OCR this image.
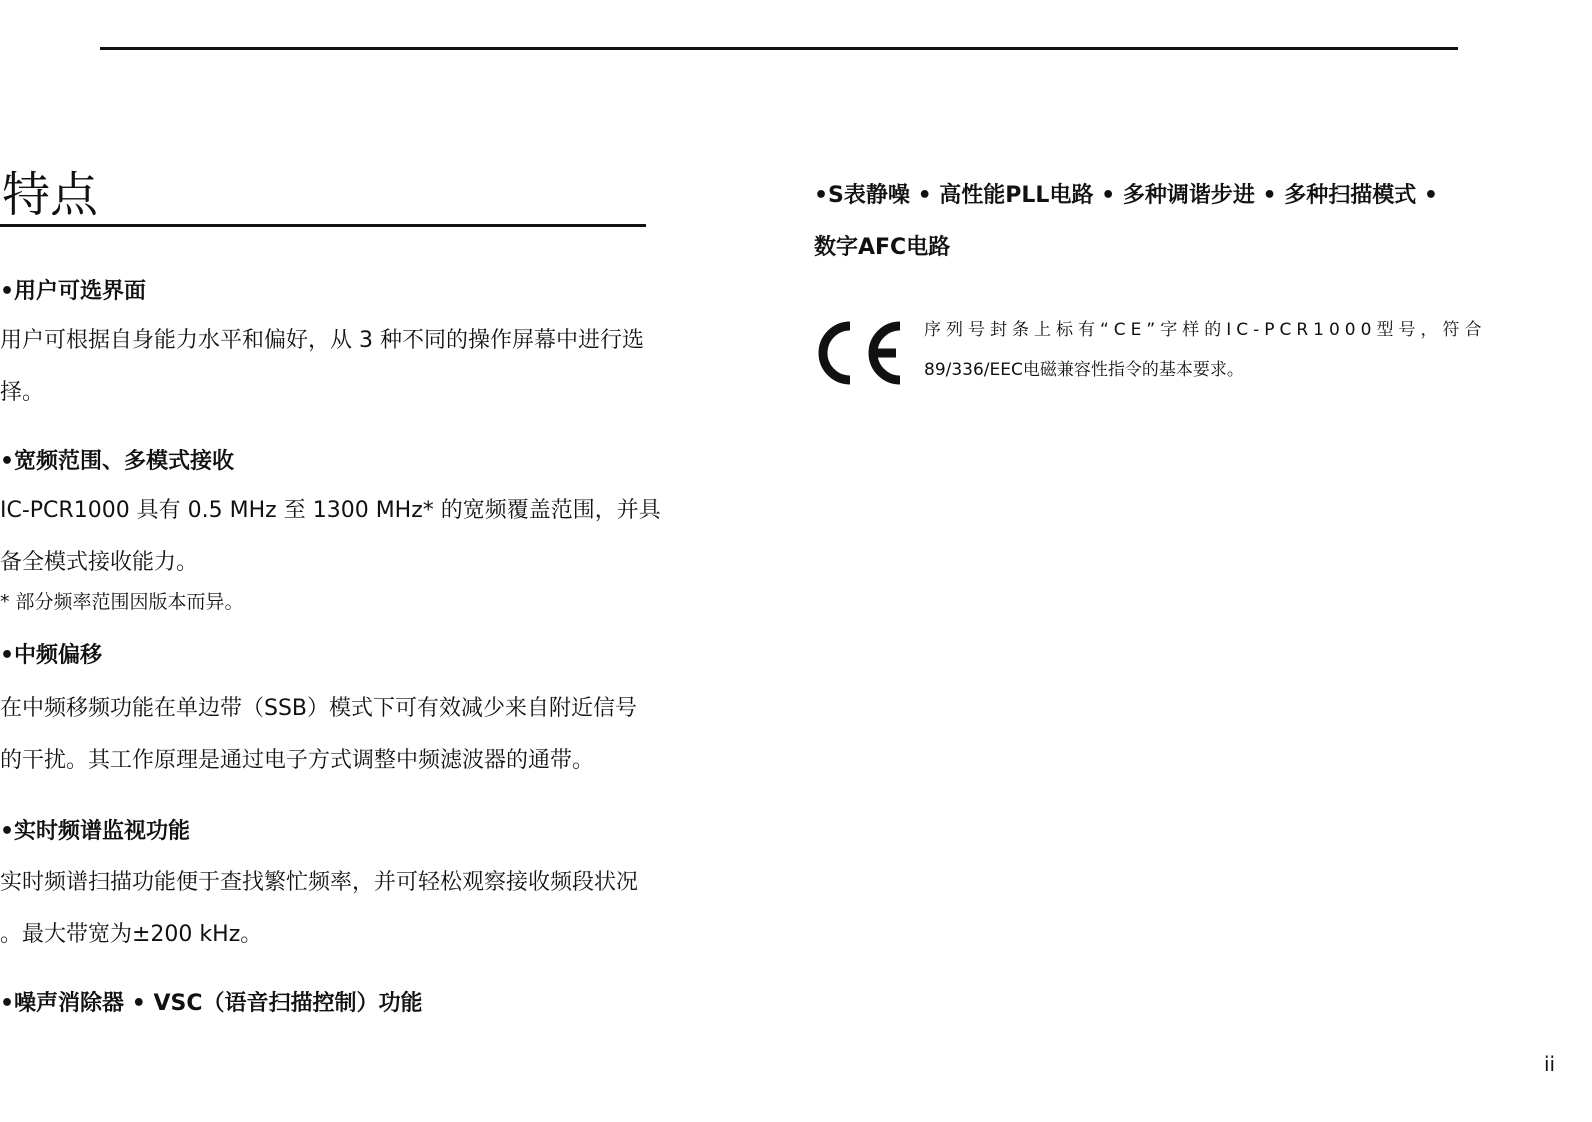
特点

•用户可选界面

用户可根据自身能力水平和偏好，从 3 种不同的操作屏幕中进行选
择。

•宽频范围、多模式接收

IC-PCR1000 具有 0.5 MHz 至 1300 MHz* 的宽频覆盖范围，并具
备全模式接收能力。

* 部分频率范围因版本而异。

•中频偏移

在中频移频功能在单边带（SSB）模式下可有效减少来自附近信号
的干扰。其工作原理是通过电子方式调整中频滤波器的通带。

•实时频谱监视功能

实时频谱扫描功能便于查找繁忙频率，并可轻松观察接收频段状况
。最大带宽为±200 kHz。

•噪声消除器 • VSC（语音扫描控制）功能

•S表静噪 • 高性能PLL电路 • 多种调谐步进 • 多种扫描模式 •
数字AFC电路

序列号封条上标有“CE”字样的IC-PCR1000型号，符合
89/336/EEC电磁兼容性指令的基本要求。

ii
